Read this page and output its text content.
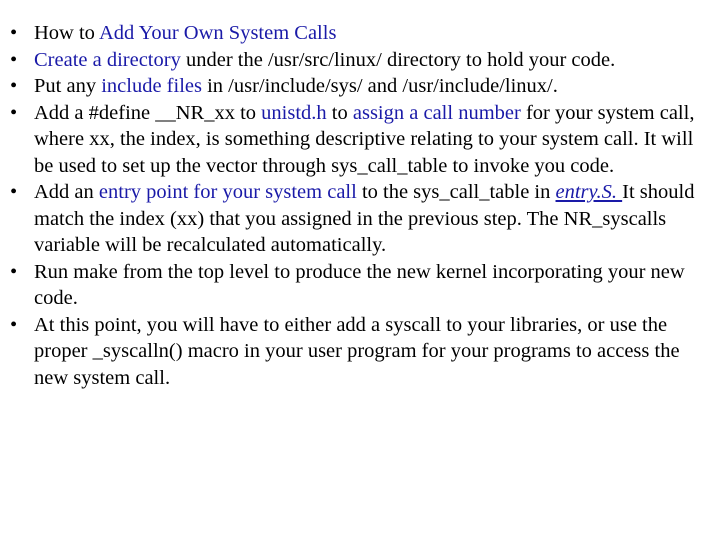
• How to Add Your Own System Calls
• Create a directory under the /usr/src/linux/ directory to hold your code.
• Put any include files in /usr/include/sys/ and /usr/include/linux/.
• Add a #define __NR_xx to unistd.h to assign a call number for your system call, where xx, the index, is something descriptive relating to your system call. It will be used to set up the vector through sys_call_table to invoke you code.
• Add an entry point for your system call to the sys_call_table in entry.S. It should match the index (xx) that you assigned in the previous step. The NR_syscalls variable will be recalculated automatically.
• Run make from the top level to produce the new kernel incorporating your new code.
• At this point, you will have to either add a syscall to your libraries, or use the proper _syscalln() macro in your user program for your programs to access the new system call.
